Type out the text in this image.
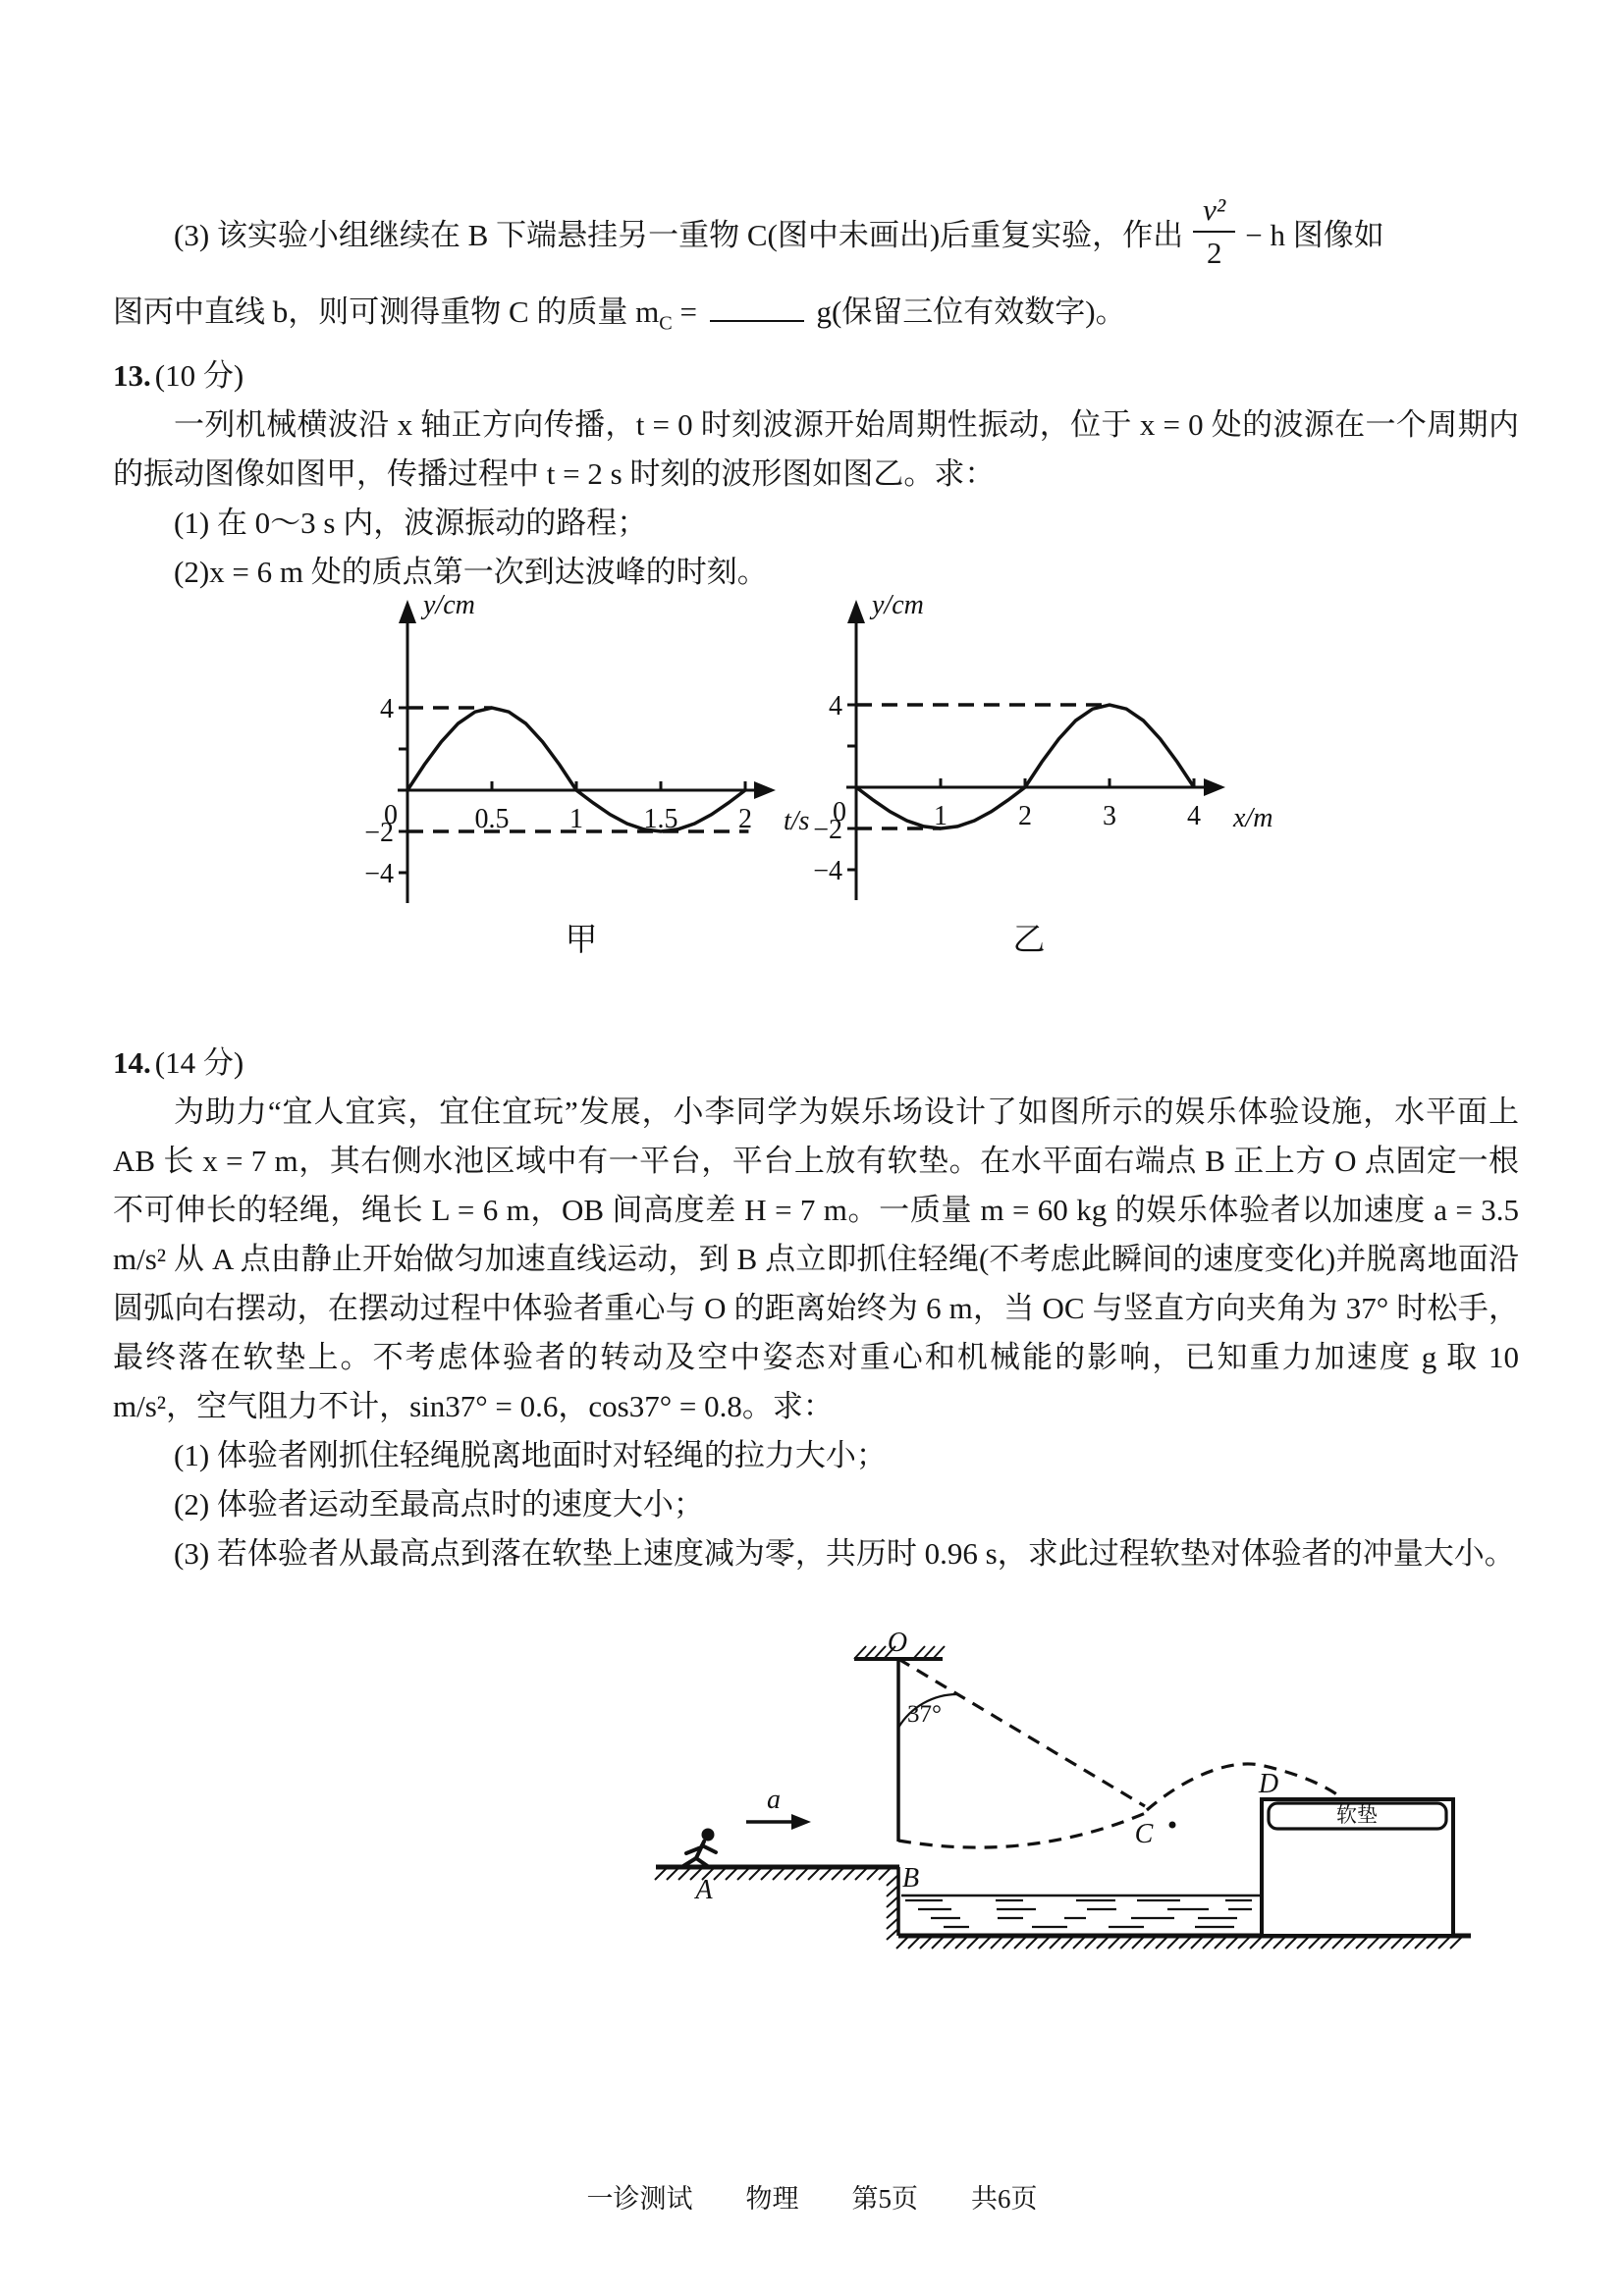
(3) 该实验小组继续在 B 下端悬挂另一重物 C(图中未画出)后重复实验，作出 $\frac{\text{v²}}{2} - h$ 图像如

图丙中直线 b，则可测得重物 C 的质量 $m_C$ =	g(保留三位有效数字)。

13. (10 分)

一列机械横波沿 x 轴正方向传播，t = 0 时刻波源开始周期性振动，位于 x = 0 处的波源在一个周期内的振动图像如图甲，传播过程中 t = 2 s 时刻的波形图如图乙。求：

(1) 在 0～3 s 内，波源振动的路程；

(2)x = 6 m 处的质点第一次到达波峰的时刻。

y/cm
t/s
0	0.5 1 1.5 2
4
−2
−4
甲
y/cm
x/m
0	1	2	3	4
4
−2
−4
乙

14. (14 分)

为助力“宜人宜宾，宜住宜玩”发展，小李同学为娱乐场设计了如图所示的娱乐体验设施，水平面上 AB 长 x = 7 m，其右侧水池区域中有一平台，平台上放有软垫。在水平面右端点 B 正上方 O 点固定一根不可伸长的轻绳，绳长 L = 6 m，OB 间高度差 H = 7 m。一质量 m = 60 kg 的娱乐体验者以加速度 a = 3.5 m/s² 从 A 点由静止开始做匀加速直线运动，到 B 点立即抓住轻绳(不考虑此瞬间的速度变化)并脱离地面沿圆弧向右摆动，在摆动过程中体验者重心与 O 的距离始终为 6 m，当 OC 与竖直方向夹角为 37° 时松手，最终落在软垫上。不考虑体验者的转动及空中姿态对重心和机械能的影响，已知重力加速度 g 取 10 m/s²，空气阻力不计，sin37° = 0.6，cos37° = 0.8。求：

(1) 体验者刚抓住轻绳脱离地面时对轻绳的拉力大小；

(2) 体验者运动至最高点时的速度大小；

(3) 若体验者从最高点到落在软垫上速度减为零，共历时 0.96 s，求此过程软垫对体验者的冲量大小。

O
37°
C
D
A
a
B
软垫
一诊测试　　物理　　第5页　　共6页
